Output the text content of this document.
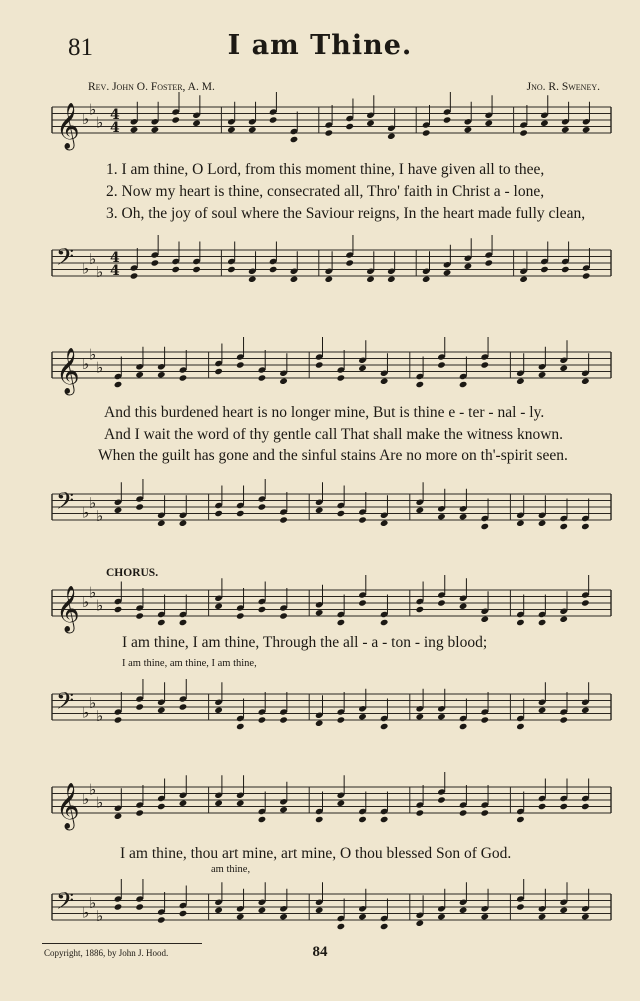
81	I am Thine.
Rev. John O. Foster, A. M.	Jno. R. Sweney.
𝄞 ♭
♭
♭ 4
4
1. I am thine, O Lord, from this moment thine, I have given all to thee,
2. Now my heart is thine, consecrated all, Thro' faith in Christ a - lone,
3. Oh, the joy of soul where the Saviour reigns, In the heart made fully clean,
𝄢 ♭
♭
♭
4
4
𝄞 ♭
♭
♭
And this burdened heart is no longer mine, But is thine e - ter - nal - ly.
And I wait the word of thy gentle call That shall make the witness known.
When the guilt has gone and the sinful stains Are no more on th'-spirit seen.
𝄢 ♭
♭
♭
CHORUS.
𝄞 ♭
♭
♭
I am thine, I am thine, Through the all - a - ton - ing blood;
I am thine, am thine, I am thine,
𝄢 ♭
♭
♭
𝄞 ♭
♭
♭
I am thine, thou art mine, art mine, O thou blessed Son of God.
am thine,
𝄢 ♭
♭
♭
Copyright, 1886, by John J. Hood.	84
